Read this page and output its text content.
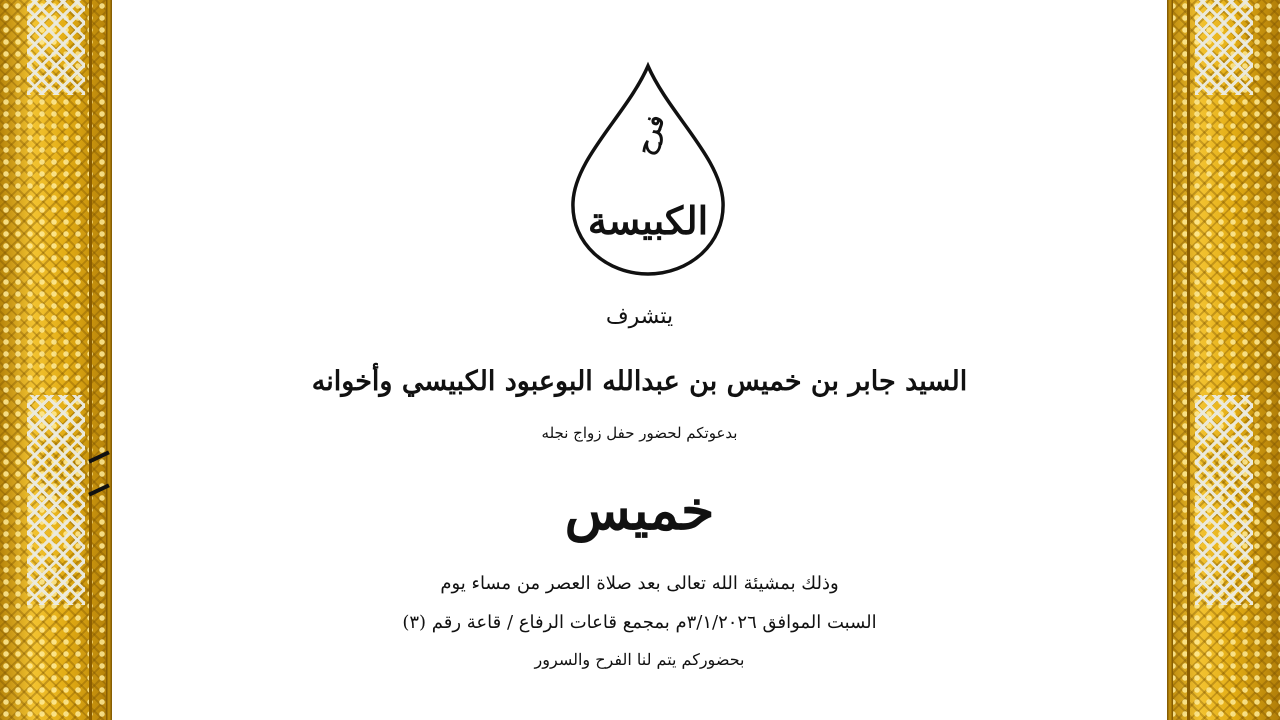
فرح
الكبيسة
يتشرف
السيد جابر بن خميس بن عبدالله البوعبود الكبيسي وأخوانه
بدعوتكم لحضور حفل زواج نجله
خميس
وذلك بمشيئة الله تعالى بعد صلاة العصر من مساء يوم
السبت الموافق ٣/١/٢٠٢٦م بمجمع قاعات الرفاع / قاعة رقم (٣)
بحضوركم يتم لنا الفرح والسرور
